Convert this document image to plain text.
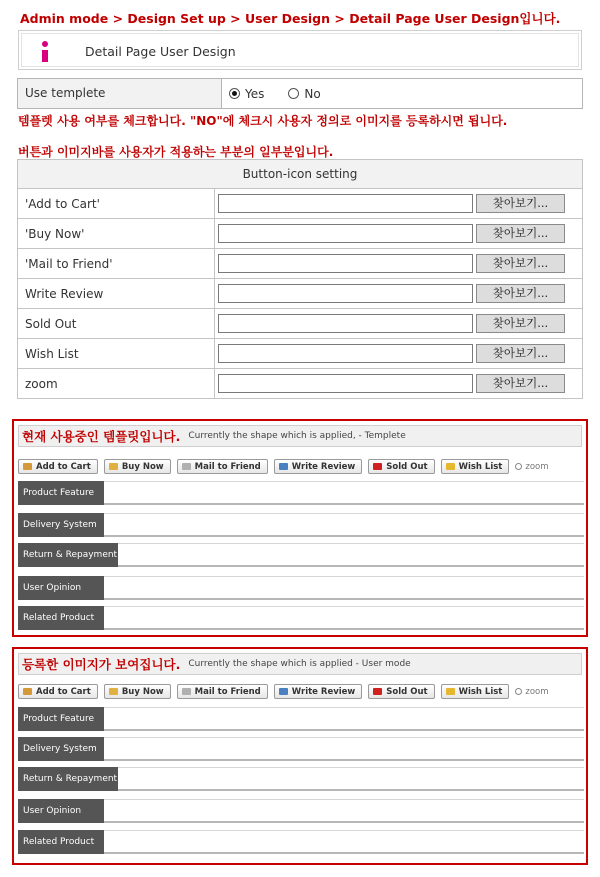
Admin mode > Design Set up > User Design > Detail Page User Design입니다.
Detail Page User Design
Use templete	Yes	No
템플렛 사용 여부를 체크합니다. "NO"에 체크시 사용자 정의로 이미지를 등록하시면 됩니다.
버튼과 이미지바를 사용자가 적용하는 부분의 일부분입니다.
Button-icon setting	
'Add to Cart'	찾아보기...
'Buy Now'	찾아보기...
'Mail to Friend'	찾아보기...
Write Review	찾아보기...
Sold Out	찾아보기...
Wish List	찾아보기...
zoom	찾아보기...
현재 사용중인 템플릿입니다. Currently the shape which is applied, - Templete
Add to Cart	Buy Now	Mail to Friend	Write Review	Sold Out	Wish List	zoom
Product Feature
Delivery System
Return & Repayment
User Opinion
Related Product
등록한 이미지가 보여집니다. Currently the shape which is applied - User mode
Add to Cart	Buy Now	Mail to Friend	Write Review	Sold Out	Wish List	zoom
Product Feature
Delivery System
Return & Repayment
User Opinion
Related Product
